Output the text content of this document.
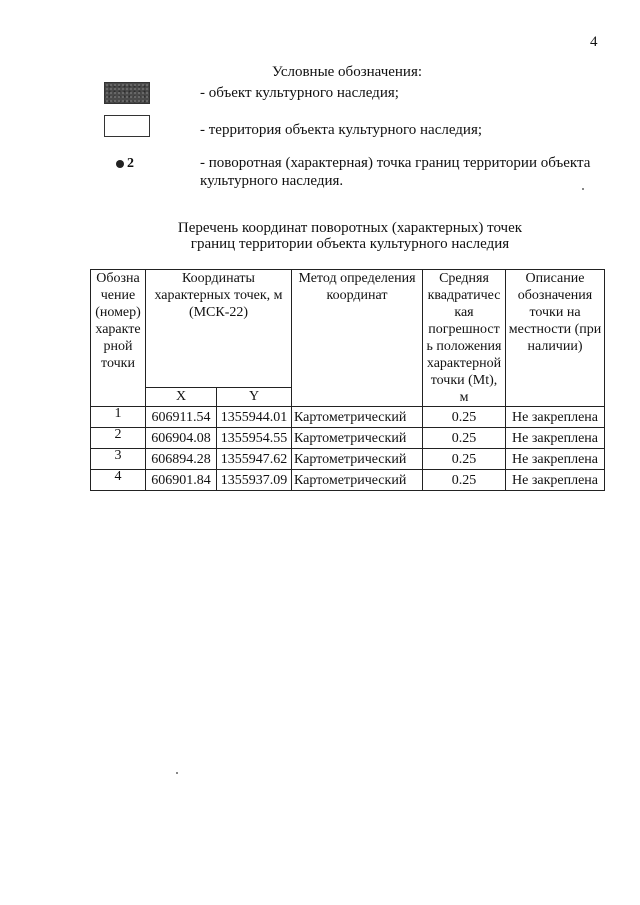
4
Условные обозначения:
- объект культурного наследия;
- территория объекта культурного наследия;
2	- поворотная (характерная) точка границ территории объекта культурного наследия.
Перечень координат поворотных (характерных) точек
границ территории объекта культурного наследия
Обозна чение (номер) характе рной точки	Координаты характерных точек, м (МСК-22)		Метод определения координат	Средняя квадратичес кая погрешност ь положения характерной точки (Mt), м	Описание обозначения точки на местности (при наличии)
	X	Y			
1	606911.54	1355944.01	Картометрический	0.25	Не закреплена
2	606904.08	1355954.55	Картометрический	0.25	Не закреплена
3	606894.28	1355947.62	Картометрический	0.25	Не закреплена
4	606901.84	1355937.09	Картометрический	0.25	Не закреплена
